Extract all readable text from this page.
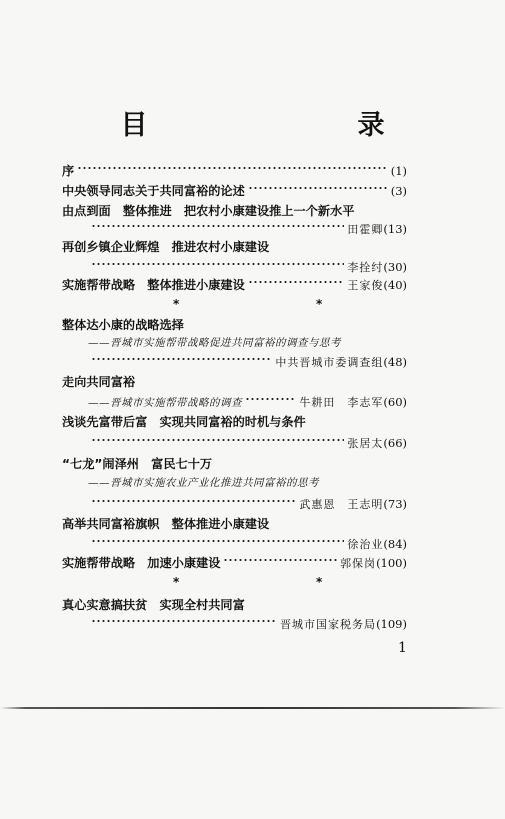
目　　录
序	(1)
中央领导同志关于共同富裕的论述	(3)
由点到面　整体推进　把农村小康建设推上一个新水平
田霍卿 (13)
再创乡镇企业辉煌　推进农村小康建设
李拴纣 (30)
实施帮带战略　整体推进小康建设	王家俊 (40)
*	*
整体达小康的战略选择
——晋城市实施帮带战略促进共同富裕的调查与思考
中共晋城市委调查组 (48)
走向共同富裕
——晋城市实施帮带战略的调查	牛耕田　李志军 (60)
浅谈先富带后富　实现共同富裕的时机与条件
张居太 (66)
“七龙”闹泽州　富民七十万
——晋城市实施农业产业化推进共同富裕的思考
武惠恩　王志明 (73)
高举共同富裕旗帜　整体推进小康建设
徐治业 (84)
实施帮带战略　加速小康建设	郭保岗 (100)
*	*
真心实意搞扶贫　实现全村共同富
晋城市国家税务局 (109)
1
